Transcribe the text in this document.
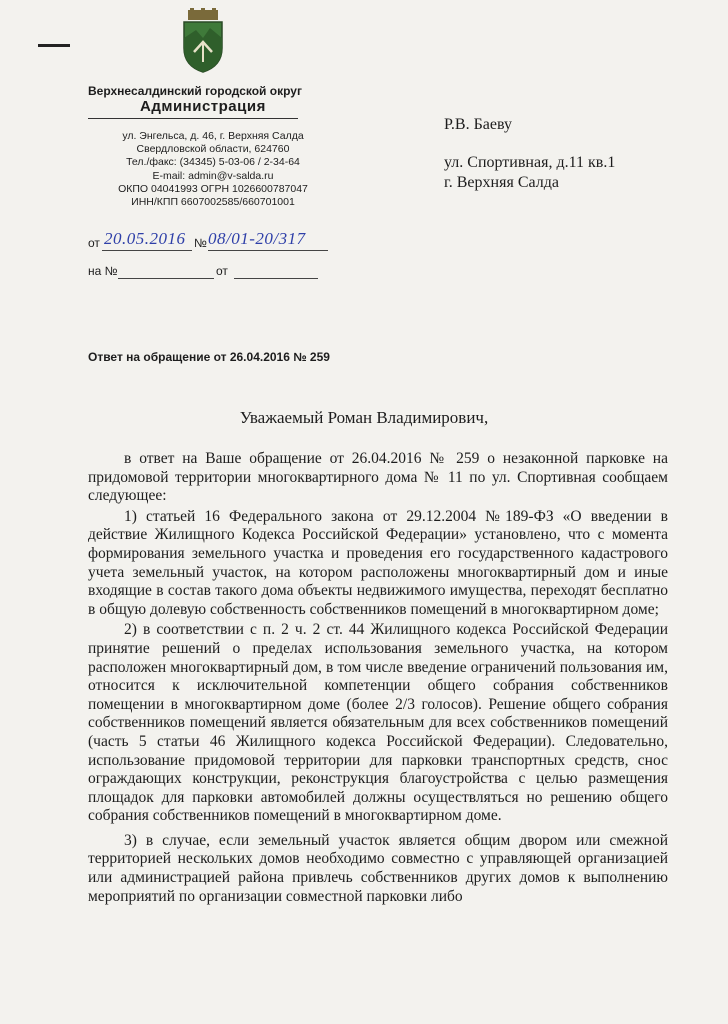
Верхнесалдинский городской округ
Администрация
ул. Энгельса, д. 46, г. Верхняя Салда
Свердловской области, 624760
Тел./факс: (34345) 5-03-06 / 2-34-64
E-mail: admin@v-salda.ru
ОКПО 04041993 ОГРН 1026600787047
ИНН/КПП 6607002585/660701001
Р.В. Баеву
ул. Спортивная, д.11 кв.1
г. Верхняя Салда
от 20.05.2016 № 08/01-20/317
на №	от
Ответ на обращение от 26.04.2016 № 259
Уважаемый Роман Владимирович,

в ответ на Ваше обращение от 26.04.2016 № 259 о незаконной парковке на придомовой территории многоквартирного дома № 11 по ул. Спортивная сообщаем следующее:

1) статьей 16 Федерального закона от 29.12.2004 №189-ФЗ «О введении в действие Жилищного Кодекса Российской Федерации» установлено, что с момента формирования земельного участка и проведения его государственного кадастрового учета земельный участок, на котором расположены многоквартирный дом и иные входящие в состав такого дома объекты недвижимого имущества, переходят бесплатно в общую долевую собственность собственников помещений в многоквартирном доме;

2) в соответствии с п. 2 ч. 2 ст. 44 Жилищного кодекса Российской Федерации принятие решений о пределах использования земельного участка, на котором расположен многоквартирный дом, в том числе введение ограничений пользования им, относится к исключительной компетенции общего собрания собственников помещении в многоквартирном доме (более 2/3 голосов). Решение общего собрания собственников помещений является обязательным для всех собственников помещений (часть 5 статьи 46 Жилищного кодекса Российской Федерации). Следовательно, использование придомовой территории для парковки транспортных средств, снос ограждающих конструкции, реконструкция благоустройства с целью размещения площадок для парковки автомобилей должны осуществляться но решению общего собрания собственников помещений в многоквартирном доме.

3) в случае, если земельный участок является общим двором или смежной территорией нескольких домов необходимо совместно с управляющей организацией или администрацией района привлечь собственников других домов к выполнению мероприятий по организации совместной парковки либо
